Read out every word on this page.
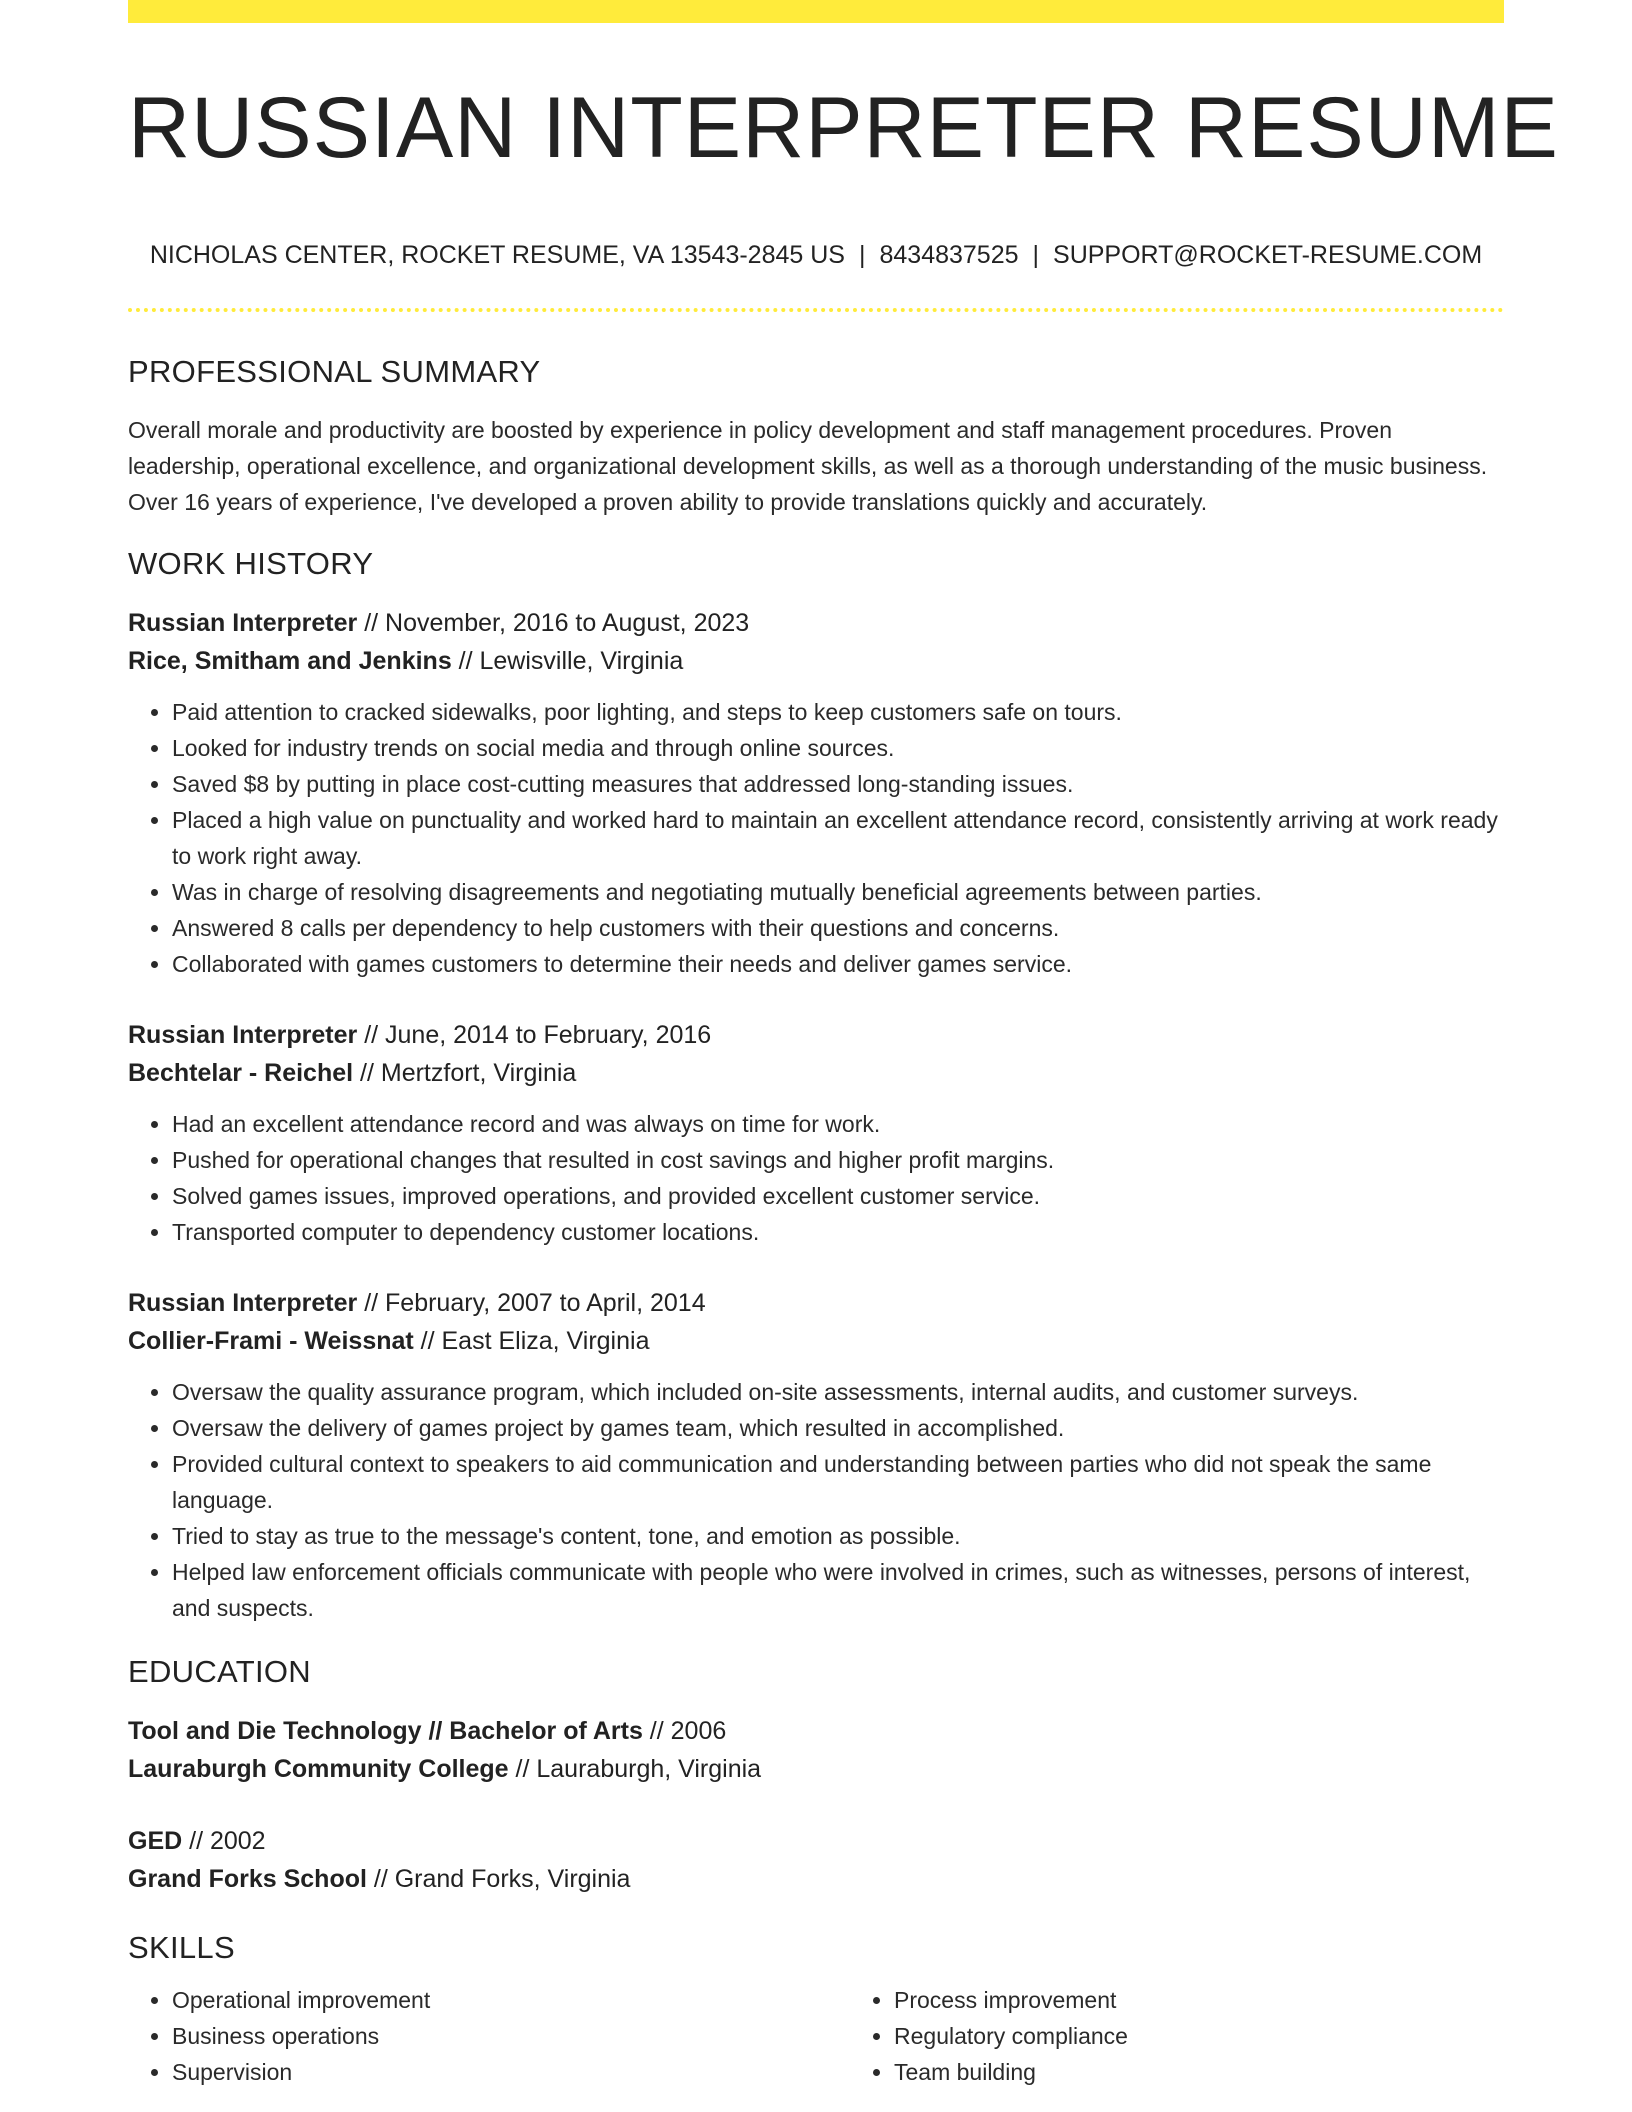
RUSSIAN INTERPRETER RESUME
NICHOLAS CENTER, ROCKET RESUME, VA 13543-2845 US | 8434837525 | SUPPORT@ROCKET-RESUME.COM
PROFESSIONAL SUMMARY
Overall morale and productivity are boosted by experience in policy development and staff management procedures. Proven leadership, operational excellence, and organizational development skills, as well as a thorough understanding of the music business. Over 16 years of experience, I've developed a proven ability to provide translations quickly and accurately.
WORK HISTORY
Russian Interpreter // November, 2016 to August, 2023
Rice, Smitham and Jenkins // Lewisville, Virginia
• Paid attention to cracked sidewalks, poor lighting, and steps to keep customers safe on tours.
• Looked for industry trends on social media and through online sources.
• Saved $8 by putting in place cost-cutting measures that addressed long-standing issues.
• Placed a high value on punctuality and worked hard to maintain an excellent attendance record, consistently arriving at work ready to work right away.
• Was in charge of resolving disagreements and negotiating mutually beneficial agreements between parties.
• Answered 8 calls per dependency to help customers with their questions and concerns.
• Collaborated with games customers to determine their needs and deliver games service.
Russian Interpreter // June, 2014 to February, 2016
Bechtelar - Reichel // Mertzfort, Virginia
• Had an excellent attendance record and was always on time for work.
• Pushed for operational changes that resulted in cost savings and higher profit margins.
• Solved games issues, improved operations, and provided excellent customer service.
• Transported computer to dependency customer locations.
Russian Interpreter // February, 2007 to April, 2014
Collier-Frami - Weissnat // East Eliza, Virginia
• Oversaw the quality assurance program, which included on-site assessments, internal audits, and customer surveys.
• Oversaw the delivery of games project by games team, which resulted in accomplished.
• Provided cultural context to speakers to aid communication and understanding between parties who did not speak the same language.
• Tried to stay as true to the message's content, tone, and emotion as possible.
• Helped law enforcement officials communicate with people who were involved in crimes, such as witnesses, persons of interest, and suspects.
EDUCATION
Tool and Die Technology // Bachelor of Arts // 2006
Lauraburgh Community College // Lauraburgh, Virginia
GED // 2002
Grand Forks School // Grand Forks, Virginia
SKILLS
• Operational improvement
• Business operations
• Supervision
• Process improvement
• Regulatory compliance
• Team building
